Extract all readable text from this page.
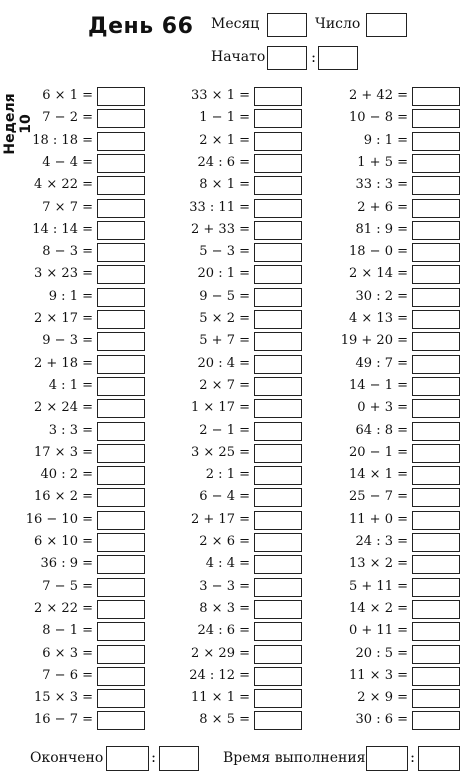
День 66
Неделя 10
Месяц	Число
Начато	:
6 × 1 =
7 − 2 =
18 : 18 =
4 − 4 =
4 × 22 =
7 × 7 =
14 : 14 =
8 − 3 =
3 × 23 =
9 : 1 =
2 × 17 =
9 − 3 =
2 + 18 =
4 : 1 =
2 × 24 =
3 : 3 =
17 × 3 =
40 : 2 =
16 × 2 =
16 − 10 =
6 × 10 =
36 : 9 =
7 − 5 =
2 × 22 =
8 − 1 =
6 × 3 =
7 − 6 =
15 × 3 =
16 − 7 =
33 × 1 =
1 − 1 =
2 × 1 =
24 : 6 =
8 × 1 =
33 : 11 =
2 + 33 =
5 − 3 =
20 : 1 =
9 − 5 =
5 × 2 =
5 + 7 =
20 : 4 =
2 × 7 =
1 × 17 =
2 − 1 =
3 × 25 =
2 : 1 =
6 − 4 =
2 + 17 =
2 × 6 =
4 : 4 =
3 − 3 =
8 × 3 =
24 : 6 =
2 × 29 =
24 : 12 =
11 × 1 =
8 × 5 =
2 + 42 =
10 − 8 =
9 : 1 =
1 + 5 =
33 : 3 =
2 + 6 =
81 : 9 =
18 − 0 =
2 × 14 =
30 : 2 =
4 × 13 =
19 + 20 =
49 : 7 =
14 − 1 =
0 + 3 =
64 : 8 =
20 − 1 =
14 × 1 =
25 − 7 =
11 + 0 =
24 : 3 =
13 × 2 =
5 + 11 =
14 × 2 =
0 + 11 =
20 : 5 =
11 × 3 =
2 × 9 =
30 : 6 =
Окончено	:	Время выполнения	:
